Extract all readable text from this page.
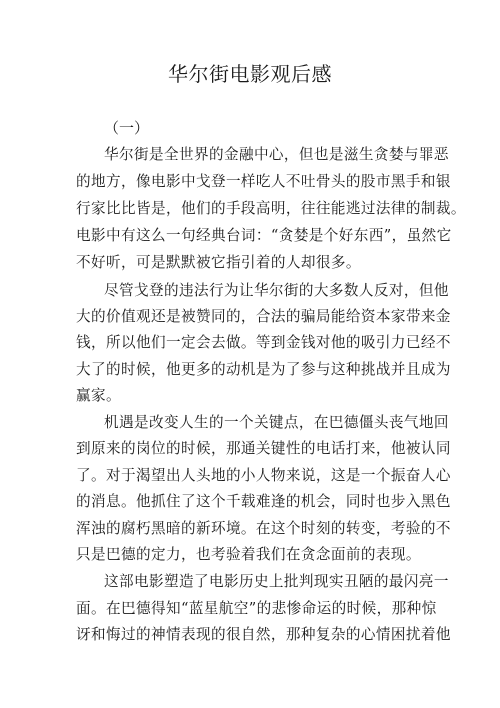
华尔街电影观后感
（一）
华尔街是全世界的金融中心，但也是滋生贪婪与罪恶
的地方，像电影中戈登一样吃人不吐骨头的股市黑手和银
行家比比皆是，他们的手段高明，往往能逃过法律的制裁。
电影中有这么一句经典台词：“贪婪是个好东西”，虽然它
不好听，可是默默被它指引着的人却很多。
尽管戈登的违法行为让华尔街的大多数人反对，但他
大的价值观还是被赞同的，合法的骗局能给资本家带来金
钱，所以他们一定会去做。等到金钱对他的吸引力已经不
大了的时候，他更多的动机是为了参与这种挑战并且成为
赢家。
机遇是改变人生的一个关键点，在巴德僵头丧气地回
到原来的岗位的时候，那通关键性的电话打来，他被认同
了。对于渴望出人头地的小人物来说，这是一个振奋人心
的消息。他抓住了这个千载难逢的机会，同时也步入黑色
浑浊的腐朽黑暗的新环境。在这个时刻的转变，考验的不
只是巴德的定力，也考验着我们在贪念面前的表现。
这部电影塑造了电影历史上批判现实丑陋的最闪亮一
面。在巴德得知“蓝星航空”的悲惨命运的时候，那种惊
讶和悔过的神情表现的很自然，那种复杂的心情困扰着他
